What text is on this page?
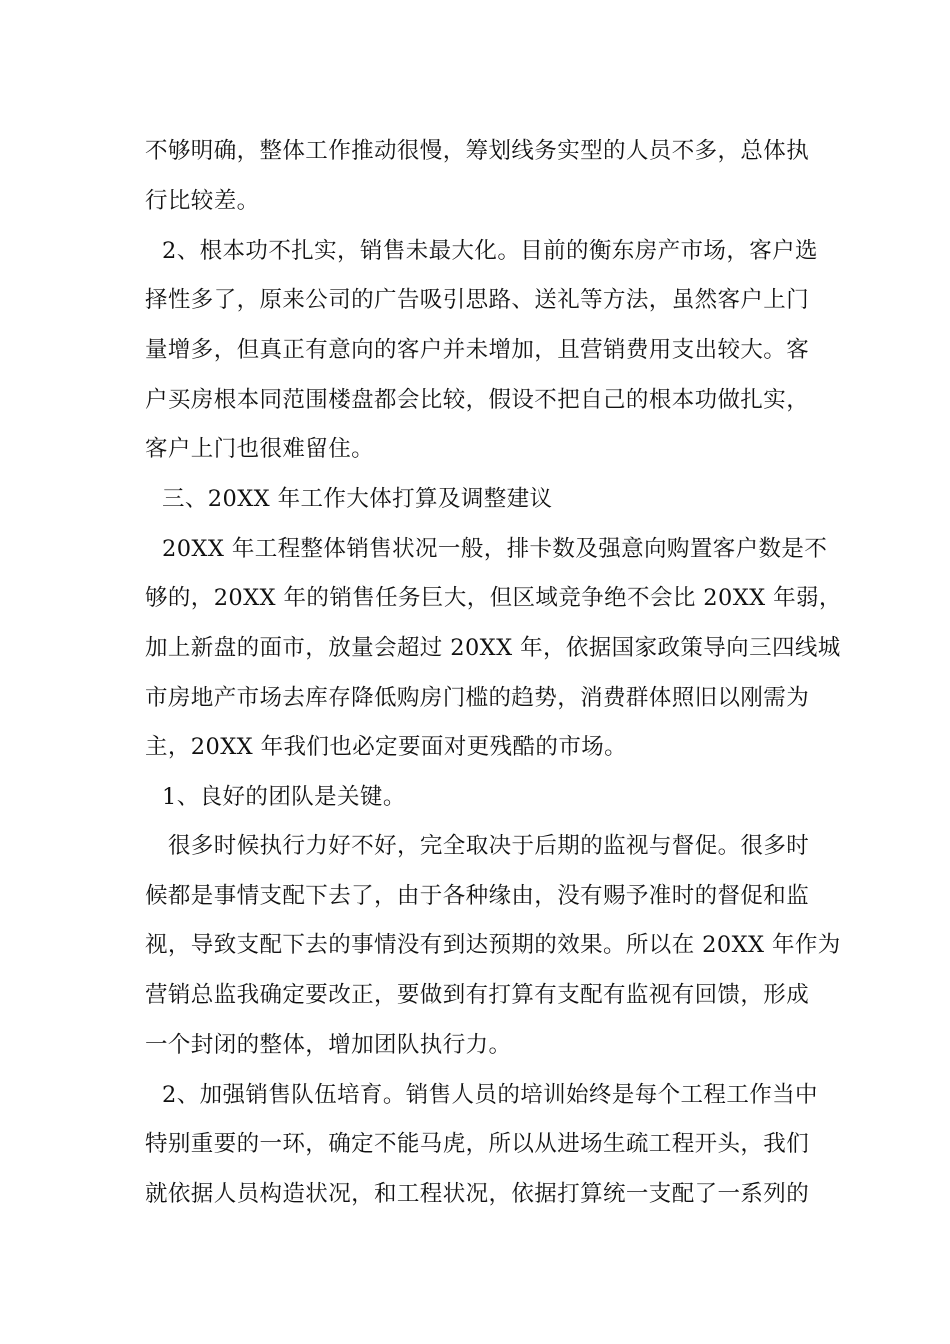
不够明确，整体工作推动很慢，筹划线务实型的人员不多，总体执
行比较差。
2、根本功不扎实，销售未最大化。目前的衡东房产市场，客户选
择性多了，原来公司的广告吸引思路、送礼等方法，虽然客户上门
量增多，但真正有意向的客户并未增加，且营销费用支出较大。客
户买房根本同范围楼盘都会比较，假设不把自己的根本功做扎实，
客户上门也很难留住。
三、20XX 年工作大体打算及调整建议
20XX 年工程整体销售状况一般，排卡数及强意向购置客户数是不
够的，20XX 年的销售任务巨大，但区域竞争绝不会比 20XX 年弱，
加上新盘的面市，放量会超过 20XX 年，依据国家政策导向三四线城
市房地产市场去库存降低购房门槛的趋势，消费群体照旧以刚需为
主，20XX 年我们也必定要面对更残酷的市场。
1、良好的团队是关键。
很多时候执行力好不好，完全取决于后期的监视与督促。很多时
候都是事情支配下去了，由于各种缘由，没有赐予准时的督促和监
视，导致支配下去的事情没有到达预期的效果。所以在 20XX 年作为
营销总监我确定要改正，要做到有打算有支配有监视有回馈，形成
一个封闭的整体，增加团队执行力。
2、加强销售队伍培育。销售人员的培训始终是每个工程工作当中
特别重要的一环，确定不能马虎，所以从进场生疏工程开头，我们
就依据人员构造状况，和工程状况，依据打算统一支配了一系列的
